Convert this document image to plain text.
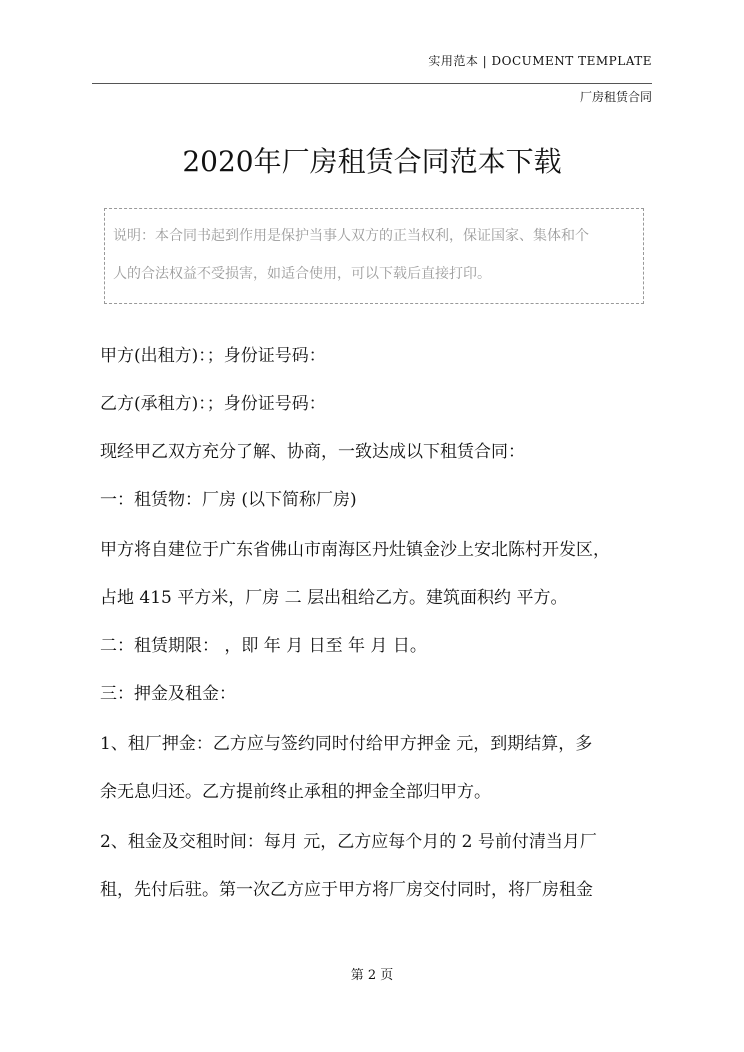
实用范本 | DOCUMENT TEMPLATE
厂房租赁合同
2020年厂房租赁合同范本下载
说明：本合同书起到作用是保护当事人双方的正当权利，保证国家、集体和个
人的合法权益不受损害，如适合使用，可以下载后直接打印。
甲方(出租方)：；身份证号码：
乙方(承租方)：；身份证号码：
现经甲乙双方充分了解、协商，一致达成以下租赁合同：
一：租赁物：厂房 (以下简称厂房)
甲方将自建位于广东省佛山市南海区丹灶镇金沙上安北陈村开发区，
占地 415 平方米，厂房 二 层出租给乙方。建筑面积约 平方。
二：租赁期限： ，即 年 月 日至 年 月 日。
三：押金及租金：
1、租厂押金：乙方应与签约同时付给甲方押金 元，到期结算，多
余无息归还。乙方提前终止承租的押金全部归甲方。
2、租金及交租时间：每月 元，乙方应每个月的 2 号前付清当月厂
租，先付后驻。第一次乙方应于甲方将厂房交付同时，将厂房租金
第 2 页
